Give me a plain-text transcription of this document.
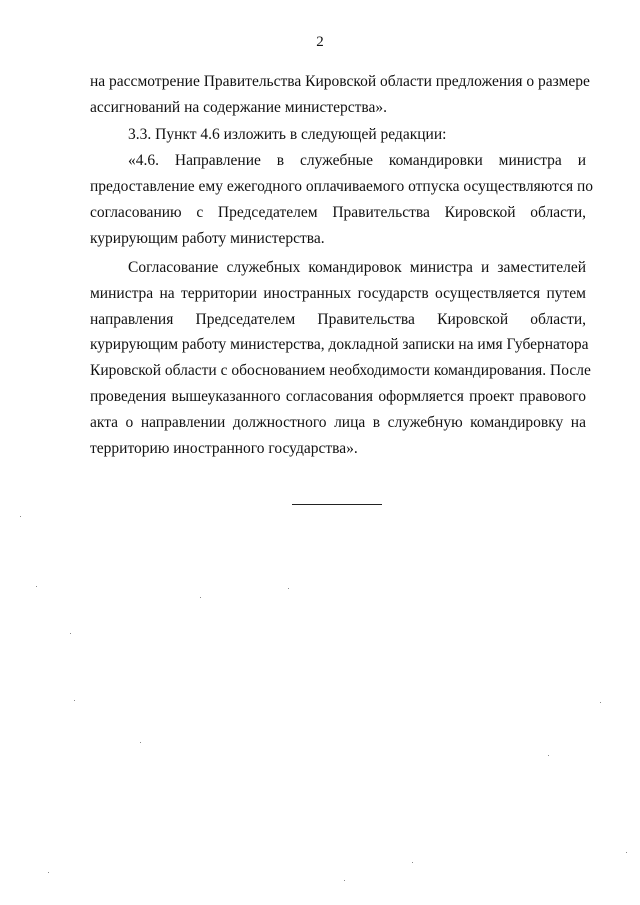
2
на рассмотрение Правительства Кировской области предложения о размере
ассигнований на содержание министерства».
3.3. Пункт 4.6 изложить в следующей редакции:
«4.6. Направление в служебные командировки министра и
предоставление ему ежегодного оплачиваемого отпуска осуществляются по
согласованию с Председателем Правительства Кировской области,
курирующим работу министерства.
Согласование служебных командировок министра и заместителей
министра на территории иностранных государств осуществляется путем
направления Председателем Правительства Кировской области,
курирующим работу министерства, докладной записки на имя Губернатора
Кировской области с обоснованием необходимости командирования. После
проведения вышеуказанного согласования оформляется проект правового
акта о направлении должностного лица в служебную командировку на
территорию иностранного государства».
